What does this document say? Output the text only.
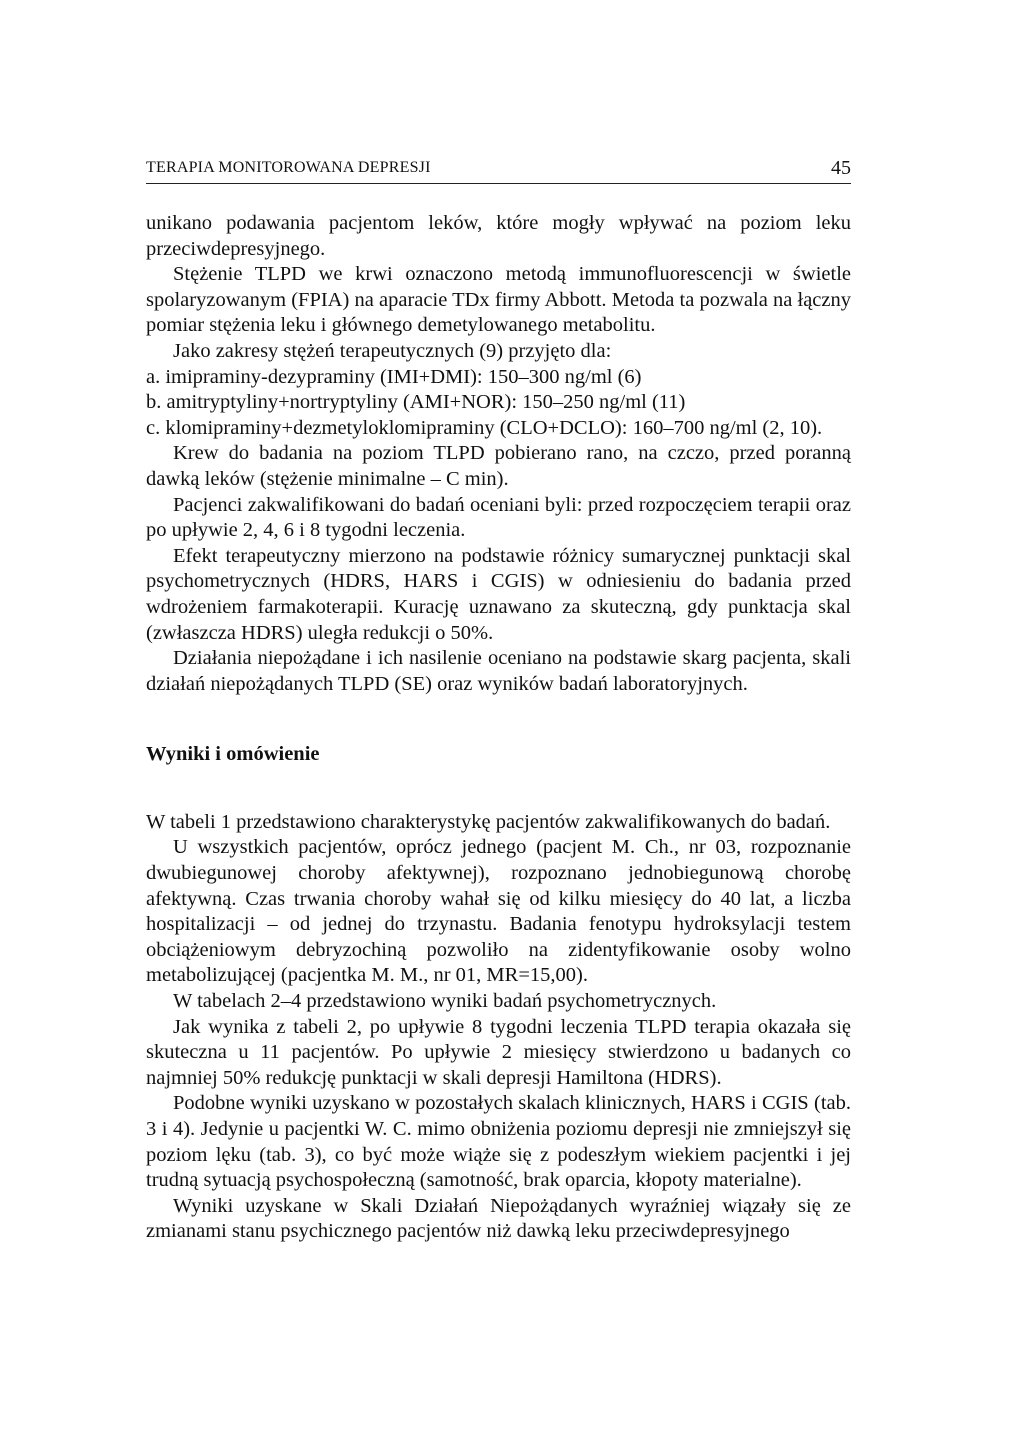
TERAPIA MONITOROWANA DEPRESJI	45

unikano podawania pacjentom leków, które mogły wpływać na poziom leku przeciwdepresyjnego.

Stężenie TLPD we krwi oznaczono metodą immunofluorescencji w świetle spolaryzowanym (FPIA) na aparacie TDx firmy Abbott. Metoda ta pozwala na łączny pomiar stężenia leku i głównego demetylowanego metabolitu.

Jako zakresy stężeń terapeutycznych (9) przyjęto dla:

a. imipraminy-dezypraminy (IMI+DMI): 150–300 ng/ml (6)

b. amitryptyliny+nortryptyliny (AMI+NOR): 150–250 ng/ml (11)

c. klomipraminy+dezmetyloklomipraminy (CLO+DCLO): 160–700 ng/ml (2, 10).

Krew do badania na poziom TLPD pobierano rano, na czczo, przed poranną dawką leków (stężenie minimalne – C min).

Pacjenci zakwalifikowani do badań oceniani byli: przed rozpoczęciem terapii oraz po upływie 2, 4, 6 i 8 tygodni leczenia.

Efekt terapeutyczny mierzono na podstawie różnicy sumarycznej punktacji skal psychometrycznych (HDRS, HARS i CGIS) w odniesieniu do badania przed wdrożeniem farmakoterapii. Kurację uznawano za skuteczną, gdy punktacja skal (zwłaszcza HDRS) uległa redukcji o 50%.

Działania niepożądane i ich nasilenie oceniano na podstawie skarg pacjenta, skali działań niepożądanych TLPD (SE) oraz wyników badań laboratoryjnych.

Wyniki i omówienie

W tabeli 1 przedstawiono charakterystykę pacjentów zakwalifikowanych do badań.

U wszystkich pacjentów, oprócz jednego (pacjent M. Ch., nr 03, rozpoznanie dwubiegunowej choroby afektywnej), rozpoznano jednobiegunową chorobę afektywną. Czas trwania choroby wahał się od kilku miesięcy do 40 lat, a liczba hospitalizacji – od jednej do trzynastu. Badania fenotypu hydroksylacji testem obciążeniowym debryzochiną pozwoliło na zidentyfikowanie osoby wolno metabolizującej (pacjentka M. M., nr 01, MR=15,00).

W tabelach 2–4 przedstawiono wyniki badań psychometrycznych.

Jak wynika z tabeli 2, po upływie 8 tygodni leczenia TLPD terapia okazała się skuteczna u 11 pacjentów. Po upływie 2 miesięcy stwierdzono u badanych co najmniej 50% redukcję punktacji w skali depresji Hamiltona (HDRS).

Podobne wyniki uzyskano w pozostałych skalach klinicznych, HARS i CGIS (tab. 3 i 4). Jedynie u pacjentki W. C. mimo obniżenia poziomu depresji nie zmniejszył się poziom lęku (tab. 3), co być może wiąże się z podeszłym wiekiem pacjentki i jej trudną sytuacją psychospołeczną (samotność, brak oparcia, kłopoty materialne).

Wyniki uzyskane w Skali Działań Niepożądanych wyraźniej wiązały się ze zmianami stanu psychicznego pacjentów niż dawką leku przeciwdepresyjnego
